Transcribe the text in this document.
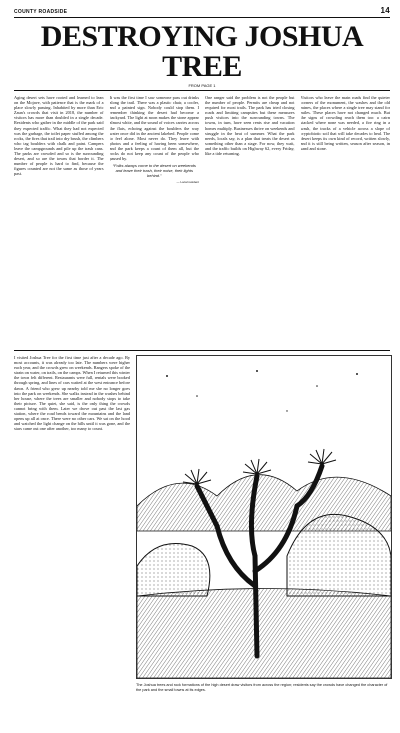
COUNTY ROADSIDE	14
DESTROYING JOSHUA TREE
FROM PAGE 1

Aging desert sets have rooted and learned to lean on the Mojave, with patience that is the mark of a place slowly passing. Inhabited by more than Eric Zaun's crowds that visit in 2018, the number of visitors has more than doubled in a single decade. Residents who gather in the middle of the park said they expected traffic. What they had not expected was the garbage, the toilet paper stuffed among the rocks, the fires that trail into dry brush, the climbers who tag boulders with chalk and paint. Campers leave the campgrounds and pile up the trash cans. The parks are crowded and so is the surrounding desert, and so are the towns that border it. The number of people is hard to find, because the figures counted are not the same as those of years past.

It was the first time I saw someone pass out drinks along the trail. There was a plastic chair, a cooler, and a painted sign. Nobody could stop them. I remember thinking the desert had become a backyard. The light at noon makes the stone appear almost white, and the sound of voices carries across the flats, echoing against the boulders the way water once did in the ancient lakebed. People come to feel alone. Most never do. They leave with photos and a feeling of having been somewhere, and the park keeps a count of them all, but the rocks do not keep any count of the people who passed by.

“Folks always come to the desert on weekends and leave their trash, their noise, their lights behind.”
— Local resident

One ranger said the problem is not the people but the number of people. Permits are cheap and not required for most trails. The park has tried closing roads and limiting campsites but these measures push visitors into the surrounding towns. The towns, in turn, have seen rents rise and vacation homes multiply. Businesses thrive on weekends and struggle in the heat of summer. What the park needs, locals say, is a plan that treats the desert as something other than a stage. For now, they wait, and the traffic builds on Highway 62, every Friday, like a tide returning.

Visitors who leave the main roads find the quieter corners of the monument, the washes and the old mines, the places where a single tree may stand for miles. These places have not changed much. But the signs of crowding reach them too: a cairn stacked where none was needed, a fire ring in a wash, the tracks of a vehicle across a slope of cryptobiotic soil that will take decades to heal. The desert keeps its own kind of record, written slowly, and it is still being written, season after season, in sand and stone.

I visited Joshua Tree for the first time just after a decade ago. By most accounts, it was already too late. The numbers were higher each year, and the crowds grew on weekends. Rangers spoke of the strain on water, on trails, on the camps. When I returned this winter the town felt different. Restaurants were full, rentals were booked through spring, and lines of cars waited at the west entrance before dawn. A friend who grew up nearby told me she no longer goes into the park on weekends. She walks instead in the washes behind her house, where the trees are smaller and nobody stops to take their picture. The quiet, she said, is the only thing the crowds cannot bring with them. Later we drove out past the last gas station, where the road bends toward the mountains and the land opens up all at once. There were no other cars. We sat on the hood and watched the light change on the hills until it was gone, and the stars came out one after another, too many to count.

The Joshua trees and rock formations of the high desert draw visitors from across the region; residents say the crowds have changed the character of the park and the small towns at its edges.
